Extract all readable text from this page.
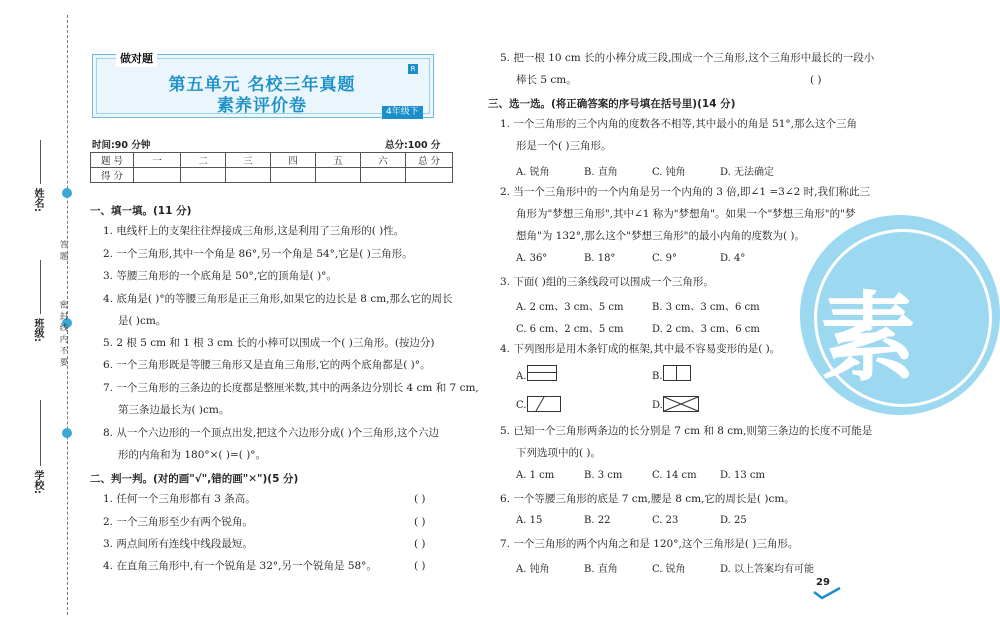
姓名:
班级:
学校:
答题
密封线内不要
做对题
R
第五单元 名校三年真题
素养评价卷	4年级下
时间:90 分钟	总分:100 分
题 号	一	二	三	四	五	六	总 分
得 分							
一、填一填。(11 分)
1. 电线杆上的支架往往焊接成三角形,这是利用了三角形的( )性。
2. 一个三角形,其中一个角是 86°,另一个角是 54°,它是( )三角形。
3. 等腰三角形的一个底角是 50°,它的顶角是( )°。
4. 底角是( )°的等腰三角形是正三角形,如果它的边长是 8 cm,那么它的周长
是( )cm。
5. 2 根 5 cm 和 1 根 3 cm 长的小棒可以围成一个( )三角形。(按边分)
6. 一个三角形既是等腰三角形又是直角三角形,它的两个底角都是( )°。
7. 一个三角形的三条边的长度都是整厘米数,其中的两条边分别长 4 cm 和 7 cm,
第三条边最长为( )cm。
8. 从一个六边形的一个顶点出发,把这个六边形分成( )个三角形,这个六边
形的内角和为 180°×( )=( )°。
二、判一判。(对的画"√",错的画"✕")(5 分)
1. 任何一个三角形都有 3 条高。	( )
2. 一个三角形至少有两个锐角。	( )
3. 两点间所有连线中线段最短。	( )
4. 在直角三角形中,有一个锐角是 32°,另一个锐角是 58°。	( )
5. 把一根 10 cm 长的小棒分成三段,围成一个三角形,这个三角形中最长的一段小
棒长 5 cm。	( )
三、选一选。(将正确答案的序号填在括号里)(14 分)
1. 一个三角形的三个内角的度数各不相等,其中最小的角是 51°,那么这个三角
形是一个( )三角形。
A. 锐角	B. 直角	C. 钝角	D. 无法确定
2. 当一个三角形中的一个内角是另一个内角的 3 倍,即∠1 =3∠2 时,我们称此三
角形为"梦想三角形",其中∠1 称为"梦想角"。如果一个"梦想三角形"的"梦
想角"为 132°,那么这个"梦想三角形"的最小内角的度数为( )。
A. 36°	B. 18°	C. 9°	D. 4°
3. 下面( )组的三条线段可以围成一个三角形。
A. 2 cm、3 cm、5 cm	B. 3 cm、3 cm、6 cm
C. 6 cm、2 cm、5 cm	D. 2 cm、3 cm、6 cm
4. 下列图形是用木条钉成的框架,其中最不容易变形的是( )。
A.	B.
C.	D.
5. 已知一个三角形两条边的长分别是 7 cm 和 8 cm,则第三条边的长度不可能是
下列选项中的( )。
A. 1 cm	B. 3 cm	C. 14 cm D. 13 cm
6. 一个等腰三角形的底是 7 cm,腰是 8 cm,它的周长是( )cm。
A. 15	B. 22	C. 23	D. 25
7. 一个三角形的两个内角之和是 120°,这个三角形是( )三角形。
A. 钝角	B. 直角	C. 锐角	D. 以上答案均有可能
素
29
